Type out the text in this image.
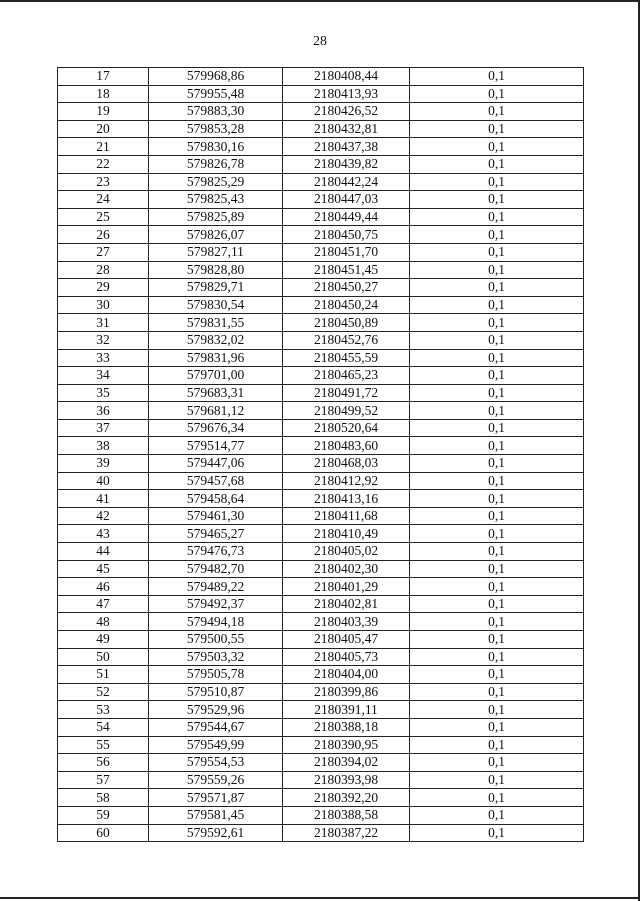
28
17	579968,86	2180408,44	0,1
18	579955,48	2180413,93	0,1
19	579883,30	2180426,52	0,1
20	579853,28	2180432,81	0,1
21	579830,16	2180437,38	0,1
22	579826,78	2180439,82	0,1
23	579825,29	2180442,24	0,1
24	579825,43	2180447,03	0,1
25	579825,89	2180449,44	0,1
26	579826,07	2180450,75	0,1
27	579827,11	2180451,70	0,1
28	579828,80	2180451,45	0,1
29	579829,71	2180450,27	0,1
30	579830,54	2180450,24	0,1
31	579831,55	2180450,89	0,1
32	579832,02	2180452,76	0,1
33	579831,96	2180455,59	0,1
34	579701,00	2180465,23	0,1
35	579683,31	2180491,72	0,1
36	579681,12	2180499,52	0,1
37	579676,34	2180520,64	0,1
38	579514,77	2180483,60	0,1
39	579447,06	2180468,03	0,1
40	579457,68	2180412,92	0,1
41	579458,64	2180413,16	0,1
42	579461,30	2180411,68	0,1
43	579465,27	2180410,49	0,1
44	579476,73	2180405,02	0,1
45	579482,70	2180402,30	0,1
46	579489,22	2180401,29	0,1
47	579492,37	2180402,81	0,1
48	579494,18	2180403,39	0,1
49	579500,55	2180405,47	0,1
50	579503,32	2180405,73	0,1
51	579505,78	2180404,00	0,1
52	579510,87	2180399,86	0,1
53	579529,96	2180391,11	0,1
54	579544,67	2180388,18	0,1
55	579549,99	2180390,95	0,1
56	579554,53	2180394,02	0,1
57	579559,26	2180393,98	0,1
58	579571,87	2180392,20	0,1
59	579581,45	2180388,58	0,1
60	579592,61	2180387,22	0,1
